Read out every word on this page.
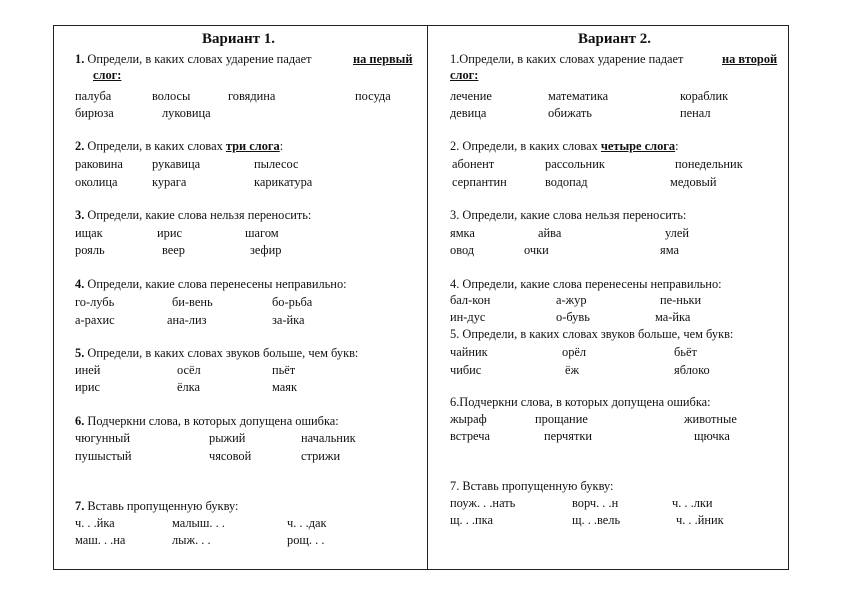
Вариант 1.
1. Определи, в каких словах ударение падает	на первый
слог:
палуба	волосы	говядина	посуда
бирюза	луковица
2. Определи, в каких словах три слога:
раковина рукавица	пылесос
околица	курага	карикатура
3. Определи, какие слова нельзя переносить:
ищак	ирис	шагом
рояль	веер	зефир
4. Определи, какие слова перенесены неправильно:
го-лубь	би-вень	бо-рьба
а-рахис	ана-лиз	за-йка
5. Определи, в каких словах звуков больше, чем букв:
иней	осёл	пьёт
ирис	ёлка	маяк
6. Подчеркни слова, в которых допущена ошибка:
чюгунный	рыжий	начальник
пушыстый	чясовой	стрижи
7. Вставь пропущенную букву:
ч. . .йка	малыш. . .	ч. . .дак
маш. . .на	лыж. . .	рощ. . .
Вариант 2.
1.Определи, в каких словах ударение падает	на второй
слог:
лечение	математика	кораблик
девица	обижать	пенал
2. Определи, в каких словах четыре слога:
абонент	рассольник	понедельник
серпантин	водопад	медовый
3. Определи, какие слова нельзя переносить:
ямка	айва	улей
овод	очки	яма
4. Определи, какие слова перенесены неправильно:
бал-кон	а-жур	пе-ньки
ин-дус	о-бувь	ма-йка
5. Определи, в каких словах звуков больше, чем букв:
чайник	орёл	бьёт
чибис	ёж	яблоко
6.Подчеркни слова, в которых допущена ошибка:
жыраф	прощание	животные
встреча	перчятки	щючка
7. Вставь пропущенную букву:
поуж. . .нать	ворч. . .н	ч. . .лки
щ. . .пка	щ. . .вель	ч. . .йник
